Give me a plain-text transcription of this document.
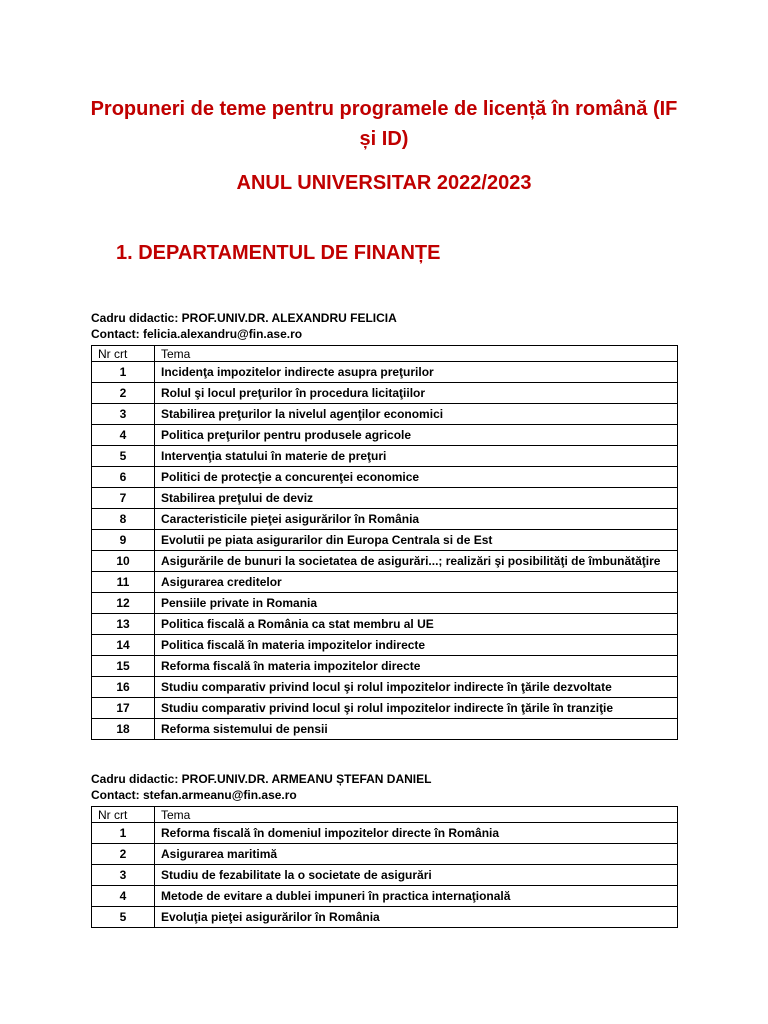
Propuneri de teme pentru programele de licență în română (IF
și ID)
ANUL UNIVERSITAR 2022/2023
1. DEPARTAMENTUL DE FINANȚE
Cadru didactic: PROF.UNIV.DR. ALEXANDRU FELICIA
Contact: felicia.alexandru@fin.ase.ro
Nr crt	Tema
1	Incidenţa impozitelor indirecte asupra preţurilor
2	Rolul şi locul preţurilor în procedura licitaţiilor
3	Stabilirea preţurilor la nivelul agenţilor economici
4	Politica preţurilor pentru produsele agricole
5	Intervenţia statului în materie de preţuri
6	Politici de protecţie a concurenţei economice
7	Stabilirea preţului de deviz
8	Caracteristicile pieţei asigurărilor în România
9	Evolutii pe piata asigurarilor din Europa Centrala si de Est
10	Asigurările de bunuri la societatea de asigurări...; realizări şi posibilităţi de îmbunătăţire
11	Asigurarea creditelor
12	Pensiile private in Romania
13	Politica fiscală a România ca stat membru al UE
14	Politica fiscală în materia impozitelor indirecte
15	Reforma fiscală în materia impozitelor directe
16	Studiu comparativ privind locul şi rolul impozitelor indirecte în ţările dezvoltate
17	Studiu comparativ privind locul şi rolul impozitelor indirecte în ţările în tranziţie
18	Reforma sistemului de pensii
Cadru didactic: PROF.UNIV.DR. ARMEANU ȘTEFAN DANIEL
Contact: stefan.armeanu@fin.ase.ro
Nr crt	Tema
1	Reforma fiscală în domeniul impozitelor directe în România
2	Asigurarea maritimă
3	Studiu de fezabilitate la o societate de asigurări
4	Metode de evitare a dublei impuneri în practica internaţională
5	Evoluţia pieţei asigurărilor în România
